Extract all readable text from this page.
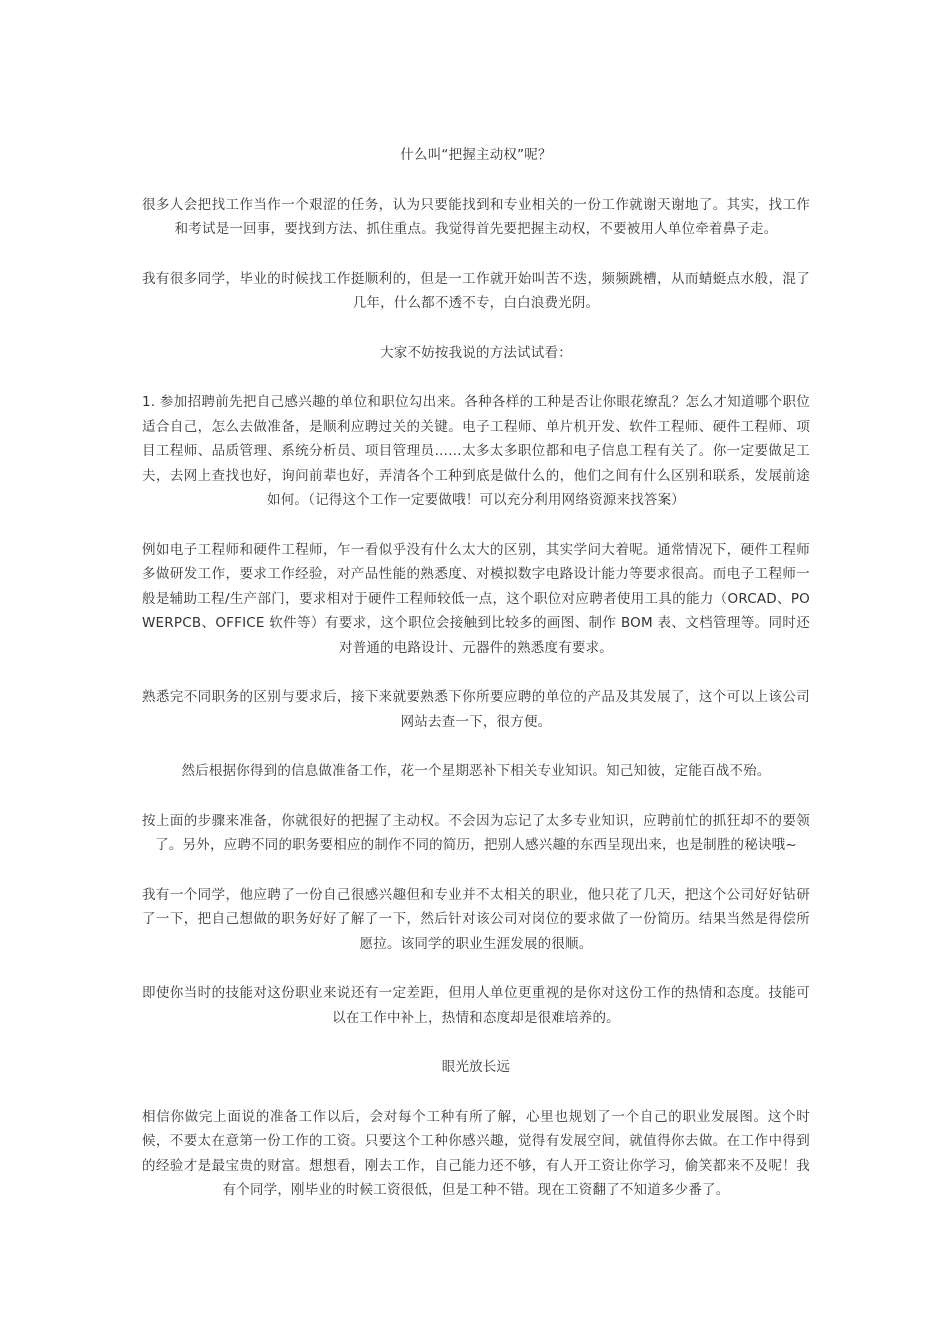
什么叫“把握主动权”呢？

很多人会把找工作当作一个艰涩的任务，认为只要能找到和专业相关的一份工作就谢天谢地了。其实，找工作和考试是一回事，要找到方法、抓住重点。我觉得首先要把握主动权，不要被用人单位牵着鼻子走。

我有很多同学，毕业的时候找工作挺顺利的，但是一工作就开始叫苦不迭，频频跳槽，从而蜻蜓点水般，混了几年，什么都不透不专，白白浪费光阴。

大家不妨按我说的方法试试看：

1. 参加招聘前先把自己感兴趣的单位和职位勾出来。各种各样的工种是否让你眼花缭乱？怎么才知道哪个职位适合自己，怎么去做准备，是顺利应聘过关的关键。电子工程师、单片机开发、软件工程师、硬件工程师、项目工程师、品质管理、系统分析员、项目管理员……太多太多职位都和电子信息工程有关了。你一定要做足工夫，去网上查找也好，询问前辈也好，弄清各个工种到底是做什么的，他们之间有什么区别和联系，发展前途如何。（记得这个工作一定要做哦！可以充分利用网络资源来找答案）

例如电子工程师和硬件工程师，乍一看似乎没有什么太大的区别，其实学问大着呢。通常情况下，硬件工程师多做研发工作，要求工作经验，对产品性能的熟悉度、对模拟数字电路设计能力等要求很高。而电子工程师一般是辅助工程/生产部门，要求相对于硬件工程师较低一点，这个职位对应聘者使用工具的能力（ORCAD、POWERPCB、OFFICE 软件等）有要求，这个职位会接触到比较多的画图、制作 BOM 表、文档管理等。同时还对普通的电路设计、元器件的熟悉度有要求。

熟悉完不同职务的区别与要求后，接下来就要熟悉下你所要应聘的单位的产品及其发展了，这个可以上该公司网站去查一下，很方便。

然后根据你得到的信息做准备工作，花一个星期恶补下相关专业知识。知己知彼，定能百战不殆。

按上面的步骤来准备，你就很好的把握了主动权。不会因为忘记了太多专业知识，应聘前忙的抓狂却不的要领了。另外，应聘不同的职务要相应的制作不同的简历，把别人感兴趣的东西呈现出来，也是制胜的秘诀哦~

我有一个同学，他应聘了一份自己很感兴趣但和专业并不太相关的职业，他只花了几天，把这个公司好好钻研了一下，把自己想做的职务好好了解了一下，然后针对该公司对岗位的要求做了一份简历。结果当然是得偿所愿拉。该同学的职业生涯发展的很顺。

即使你当时的技能对这份职业来说还有一定差距，但用人单位更重视的是你对这份工作的热情和态度。技能可以在工作中补上，热情和态度却是很难培养的。

眼光放长远

相信你做完上面说的准备工作以后，会对每个工种有所了解，心里也规划了一个自己的职业发展图。这个时候，不要太在意第一份工作的工资。只要这个工种你感兴趣，觉得有发展空间，就值得你去做。在工作中得到的经验才是最宝贵的财富。想想看，刚去工作，自己能力还不够，有人开工资让你学习，偷笑都来不及呢！我有个同学，刚毕业的时候工资很低，但是工种不错。现在工资翻了不知道多少番了。
